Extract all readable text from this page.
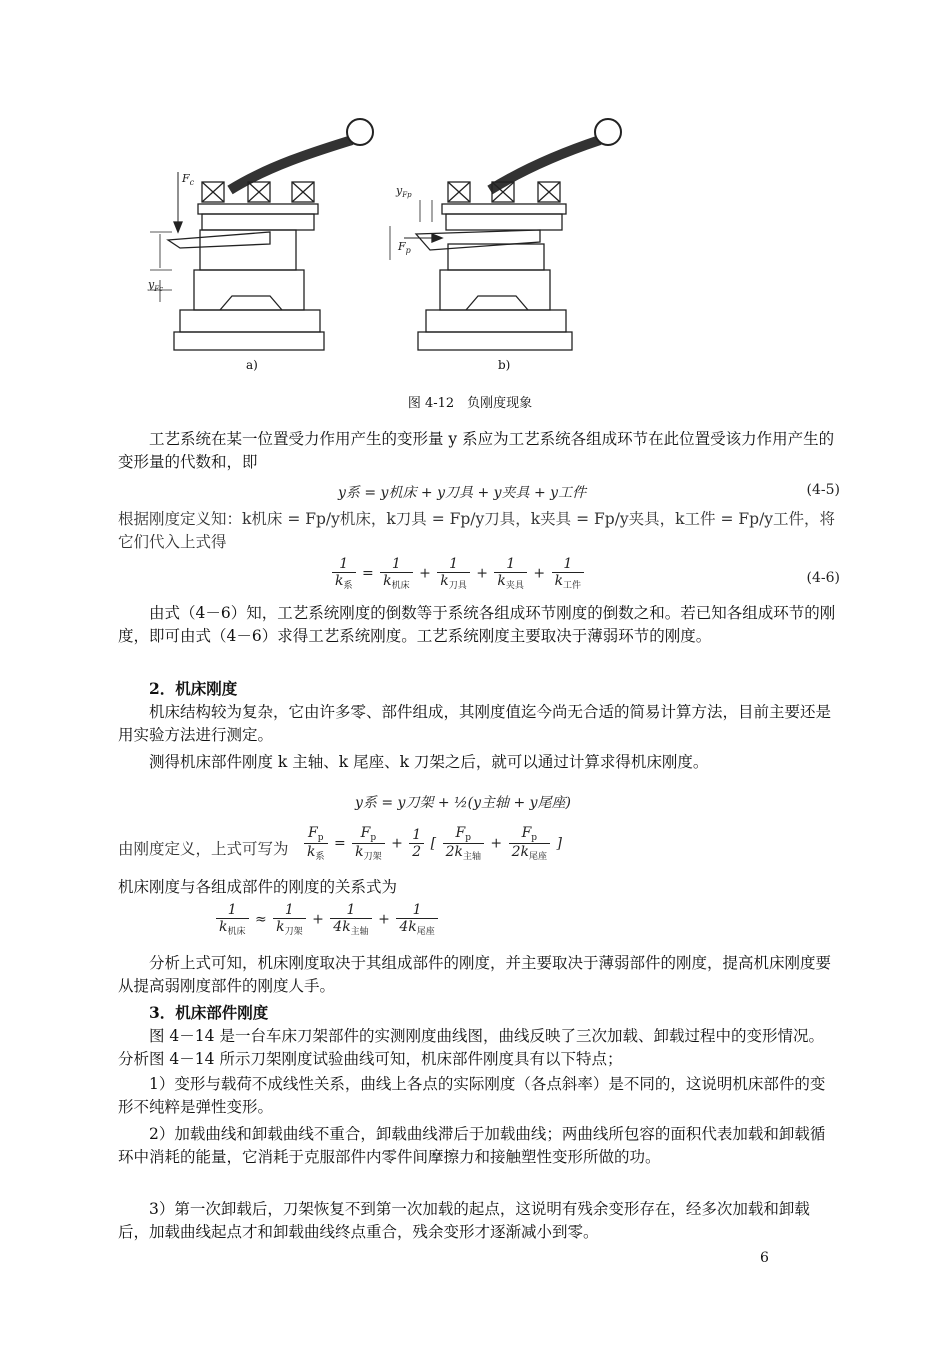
$F_c$
$y_{Fc}$
$y_{Fp}$
$F_p$
a)	b)
图 4-12　负刚度现象
工艺系统在某一位置受力作用产生的变形量 y 系应为工艺系统各组成环节在此位置受该力作用产生的变形量的代数和，即
y系 = y机床 + y刀具 + y夹具 + y工件	(4-5)
根据刚度定义知：k机床 = Fp/y机床，k刀具 = Fp/y刀具，k夹具 = Fp/y夹具，k工件 = Fp/y工件，将它们代入上式得
$\frac{1}{k_系} = \frac{1}{k_{机床}} + \frac{1}{k_{刀具}} + \frac{1}{k_{夹具}} + \frac{1}{k_{工件}}$	(4-6)
由式（4－6）知，工艺系统刚度的倒数等于系统各组成环节刚度的倒数之和。若已知各组成环节的刚度，即可由式（4－6）求得工艺系统刚度。工艺系统刚度主要取决于薄弱环节的刚度。
2．机床刚度
机床结构较为复杂，它由许多零、部件组成，其刚度值迄今尚无合适的简易计算方法，目前主要还是用实验方法进行测定。
测得机床部件刚度 k 主轴、k 尾座、k 刀架之后，就可以通过计算求得机床刚度。
y系 = y刀架 + ½(y主轴 + y尾座)
由刚度定义，上式可写为 $\frac{F_p}{k_系} = \frac{F_p}{k_{刀架}} + \frac{1}{2}$ [ $\frac{F_p}{2k_{主轴}} + \frac{F_p}{2k_{尾座}}$ ]
机床刚度与各组成部件的刚度的关系式为
$\frac{1}{k_{机床}} \approx \frac{1}{k_{刀架}} + \frac{1}{4k_{主轴}} + \frac{1}{4k_{尾座}}$
分析上式可知，机床刚度取决于其组成部件的刚度，并主要取决于薄弱部件的刚度，提高机床刚度要从提高弱刚度部件的刚度人手。
3．机床部件刚度
图 4－14 是一台车床刀架部件的实测刚度曲线图，曲线反映了三次加载、卸载过程中的变形情况。分析图 4－14 所示刀架刚度试验曲线可知，机床部件刚度具有以下特点；
1）变形与载荷不成线性关系，曲线上各点的实际刚度（各点斜率）是不同的，这说明机床部件的变形不纯粹是弹性变形。
2）加载曲线和卸载曲线不重合，卸载曲线滞后于加载曲线；两曲线所包容的面积代表加载和卸载循环中消耗的能量，它消耗于克服部件内零件间摩擦力和接触塑性变形所做的功。
3）第一次卸载后，刀架恢复不到第一次加载的起点，这说明有残余变形存在，经多次加载和卸载后，加载曲线起点才和卸载曲线终点重合，残余变形才逐渐减小到零。
6
